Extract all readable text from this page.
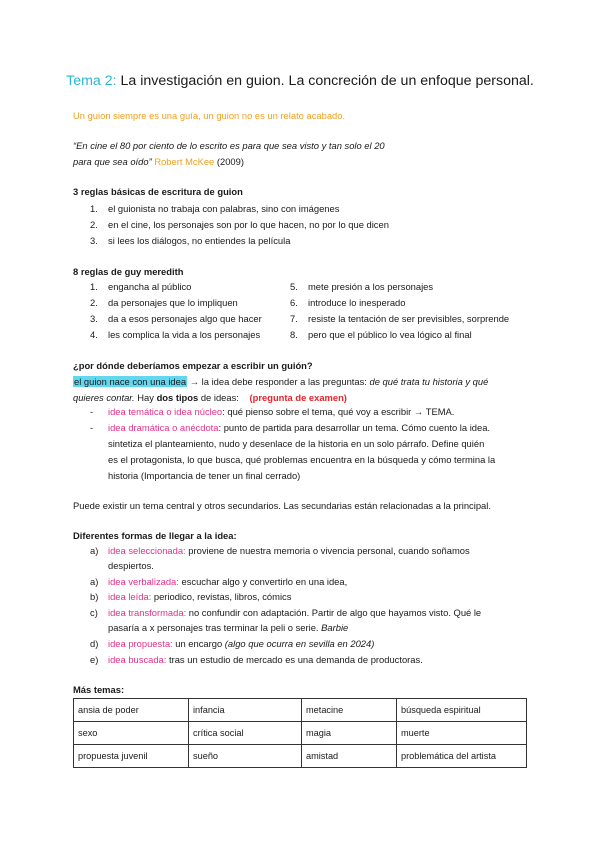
Tema 2: La investigación en guion. La concreción de un enfoque personal.
Un guion siempre es una guía, un guion no es un relato acabado.
“En cine el 80 por ciento de lo escrito es para que sea visto y tan solo el 20
para que sea oído” Robert McKee (2009)
3 reglas básicas de escritura de guion
1. el guionista no trabaja con palabras, sino con imágenes
2. en el cine, los personajes son por lo que hacen, no por lo que dicen
3. si lees los diálogos, no entiendes la película
8 reglas de guy meredith
1. engancha al público
2. da personajes que lo impliquen
3. da a esos personajes algo que hacer
4. les complica la vida a los personajes
5. mete presión a los personajes
6. introduce lo inesperado
7. resiste la tentación de ser previsibles, sorprende
8. pero que el público lo vea lógico al final
¿por dónde deberíamos empezar a escribir un guión?
el guion nace con una idea → la idea debe responder a las preguntas: de qué trata tu historia y qué
quieres contar. Hay dos tipos de ideas: (pregunta de examen)
- idea temática o idea núcleo: qué pienso sobre el tema, qué voy a escribir → TEMA.
- idea dramática o anécdota: punto de partida para desarrollar un tema. Cómo cuento la idea.
sintetiza el planteamiento, nudo y desenlace de la historia en un solo párrafo. Define quién
es el protagonista, lo que busca, qué problemas encuentra en la búsqueda y cómo termina la
historia (Importancia de tener un final cerrado)
Puede existir un tema central y otros secundarios. Las secundarias están relacionadas a la principal.
Diferentes formas de llegar a la idea:
a) idea seleccionada: proviene de nuestra memoria o vivencia personal, cuando soñamos
despiertos.
a) idea verbalizada: escuchar algo y convertirlo en una idea,
b) idea leída: periodico, revistas, libros, cómics
c) idea transformada: no confundir con adaptación. Partir de algo que hayamos visto. Qué le
pasaría a x personajes tras terminar la peli o serie. Barbie
d) idea propuesta: un encargo (algo que ocurra en sevilla en 2024)
e) idea buscada: tras un estudio de mercado es una demanda de productoras.
Más temas:
ansia de poder	infancia	metacine	búsqueda espiritual
sexo	crítica social	magia	muerte
propuesta juvenil	sueño	amistad	problemática del artista
